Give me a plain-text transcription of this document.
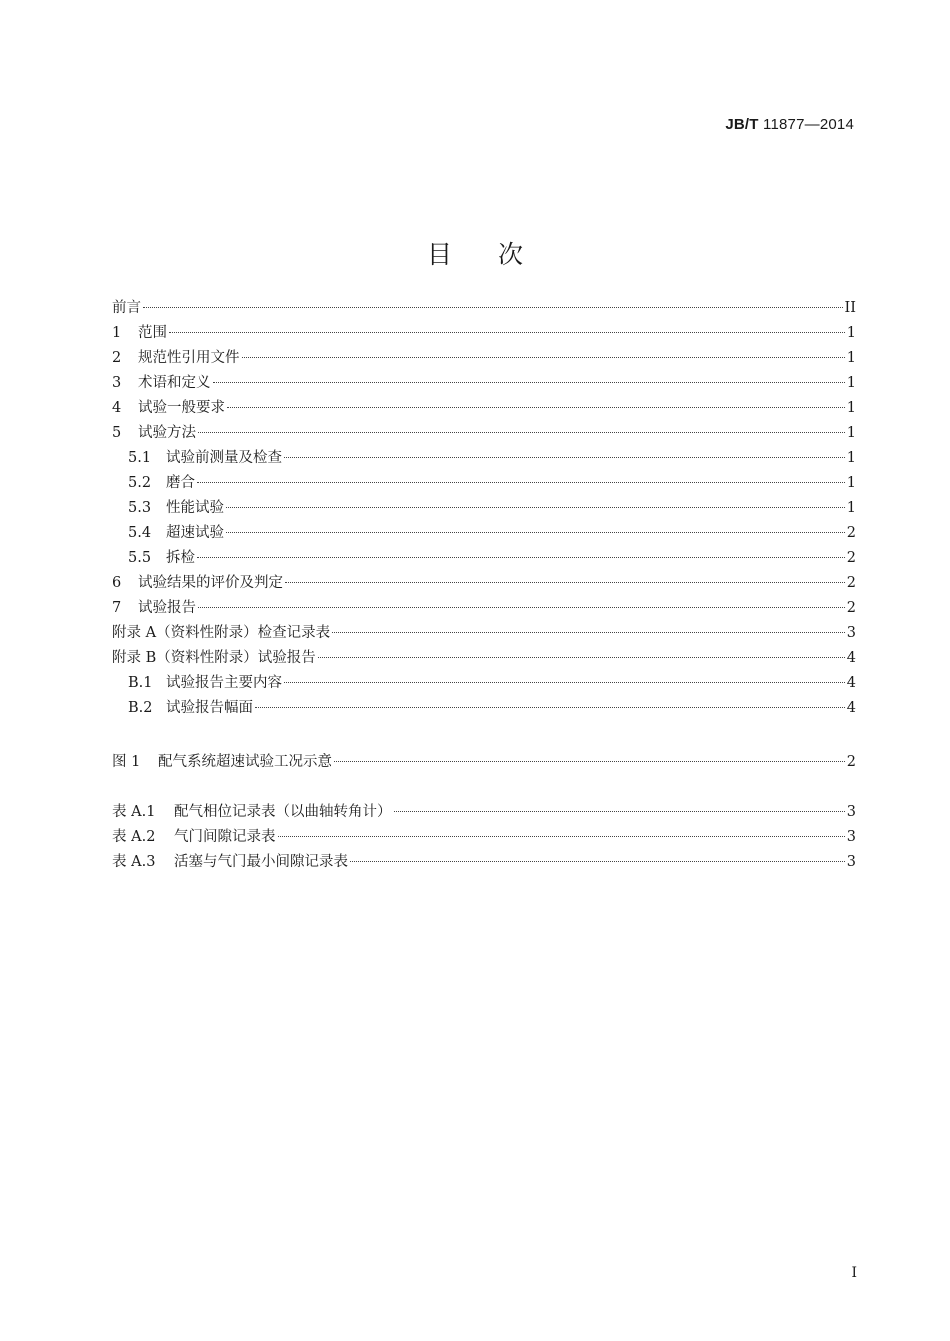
JB/T 11877—2014
目次
前言	II
1 范围	1
2 规范性引用文件	1
3 术语和定义	1
4 试验一般要求	1
5 试验方法	1
5.1 试验前测量及检查	1
5.2 磨合	1
5.3 性能试验	1
5.4 超速试验	2
5.5 拆检	2
6 试验结果的评价及判定	2
7 试验报告	2
附录 A（资料性附录）检查记录表	3
附录 B（资料性附录）试验报告	4
B.1 试验报告主要内容	4
B.2 试验报告幅面	4
图 1 配气系统超速试验工况示意	2
表 A.1 配气相位记录表（以曲轴转角计）	3
表 A.2 气门间隙记录表	3
表 A.3 活塞与气门最小间隙记录表	3
I
